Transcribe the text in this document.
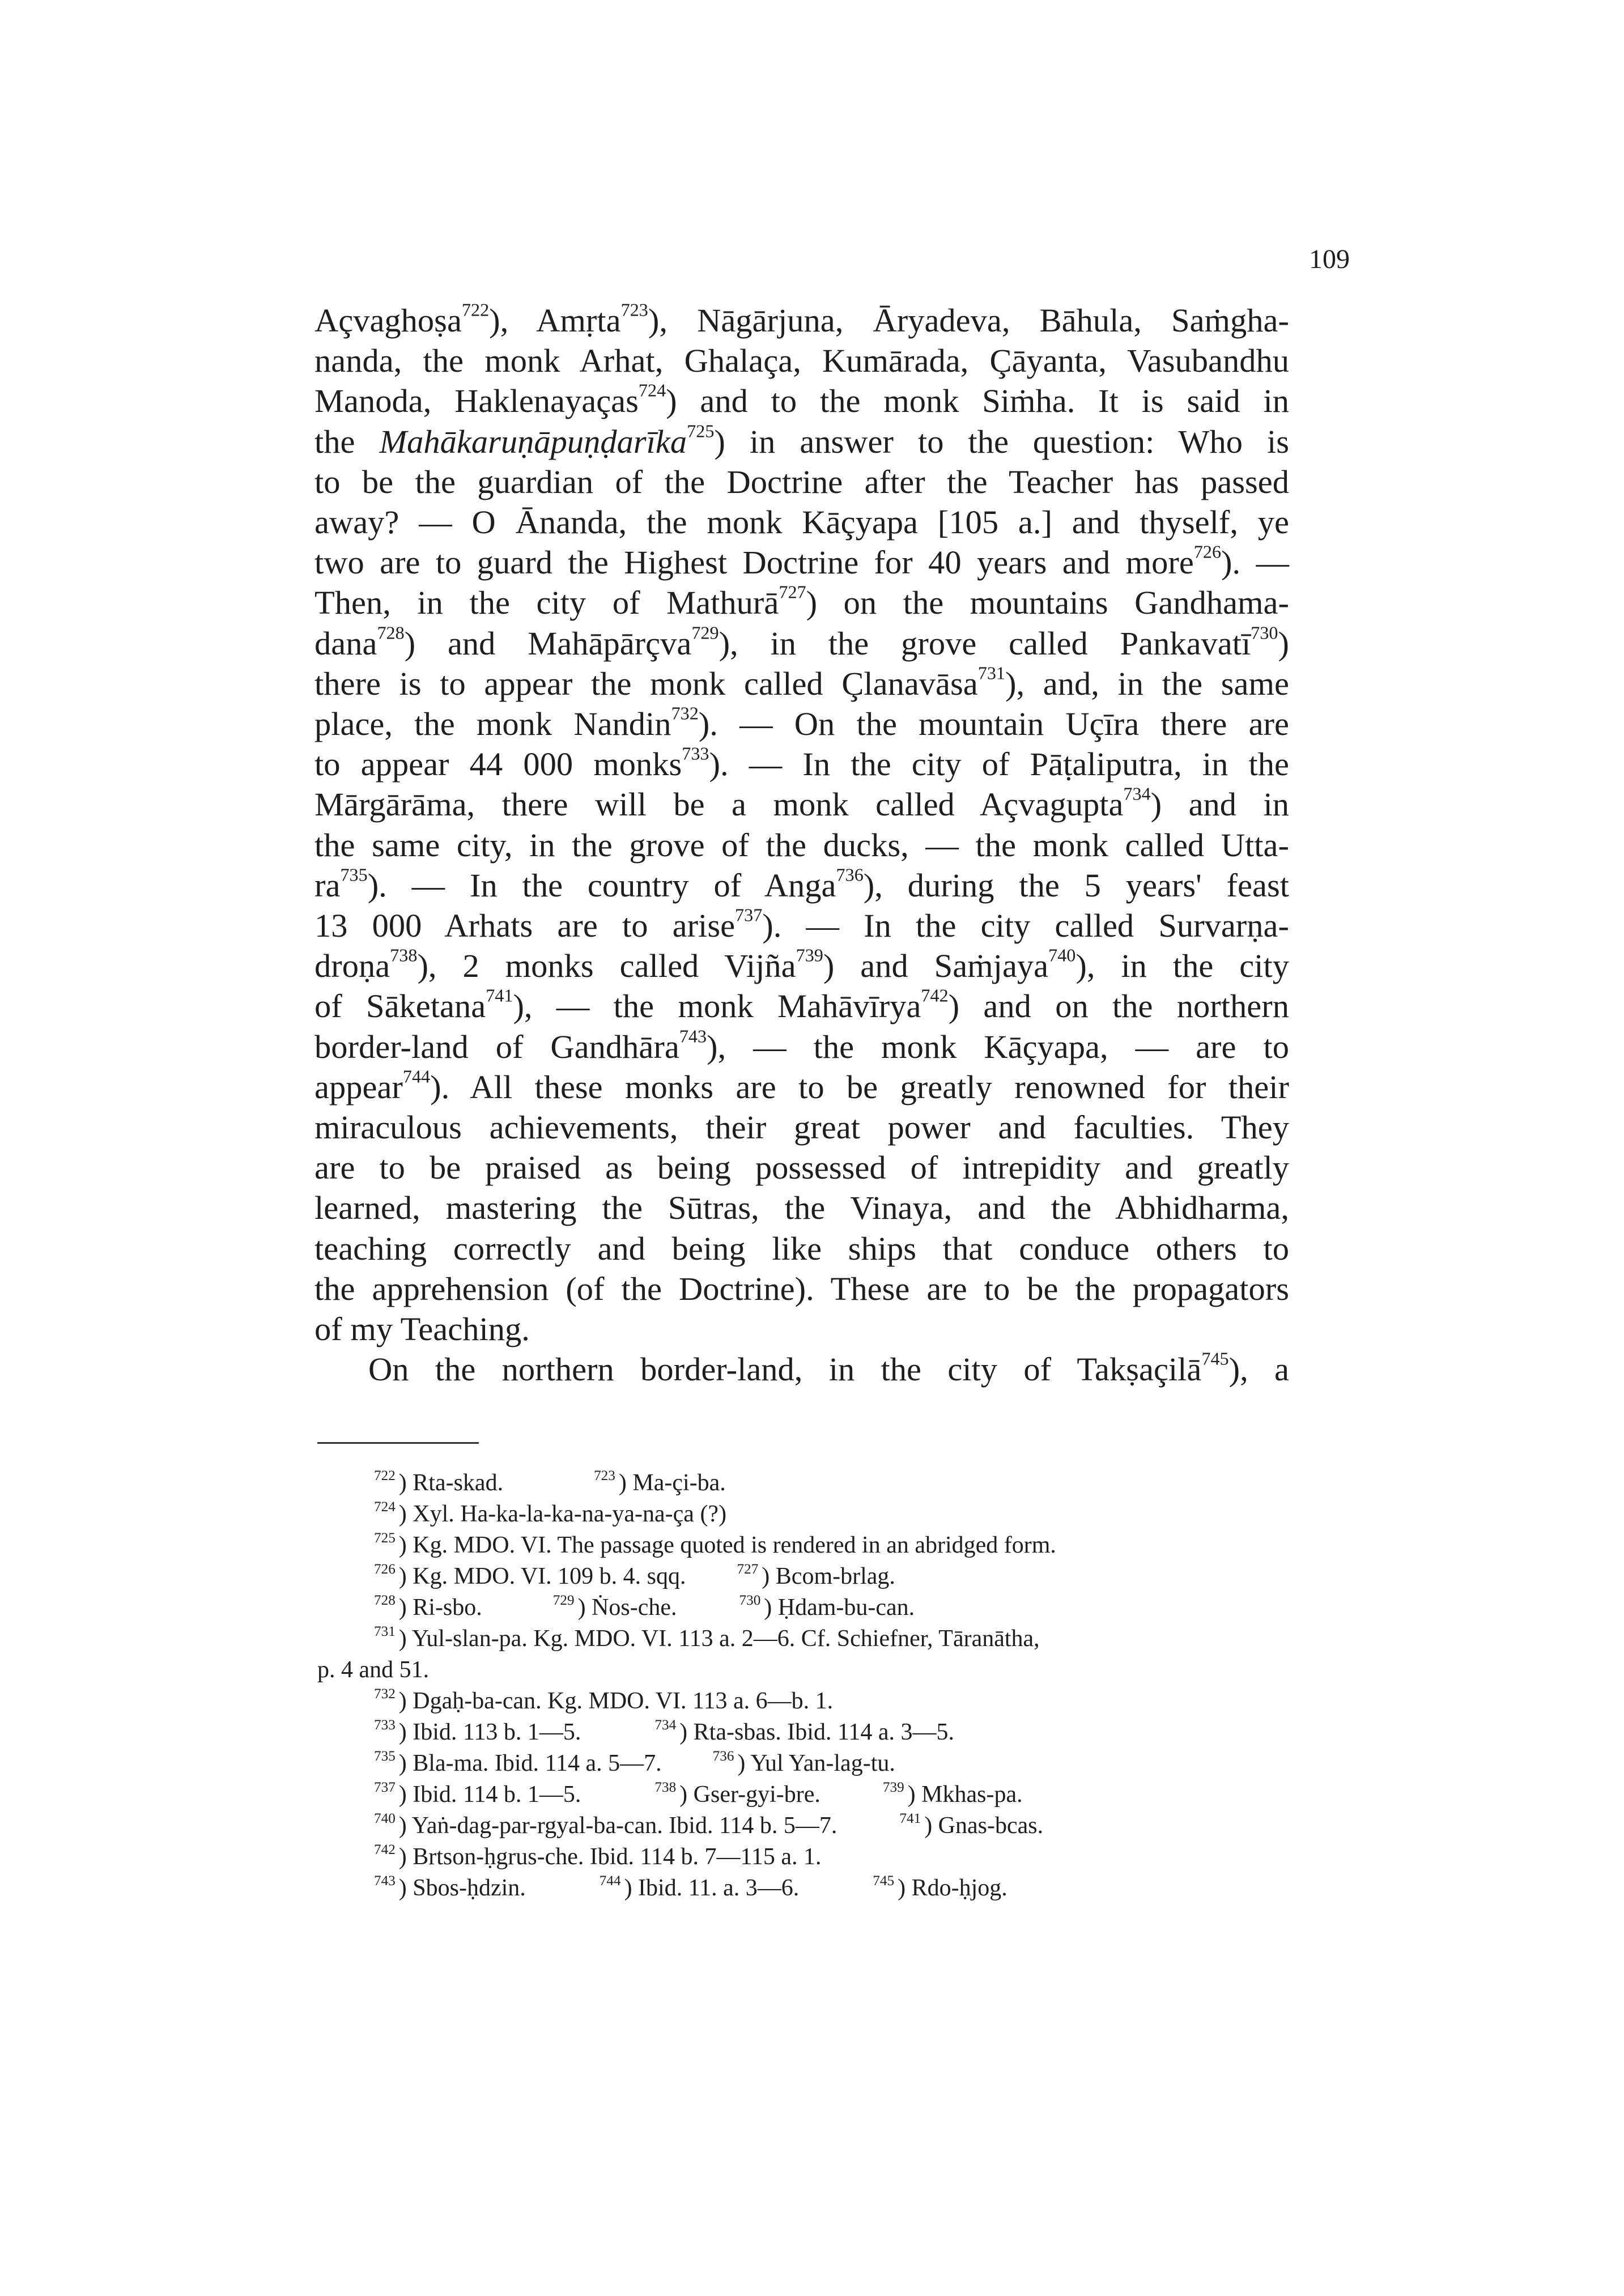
109
Açvaghoṣa$^{722}$), Amṛta$^{723}$), Nāgārjuna, Āryadeva, Bāhula, Saṁgha-
nanda, the monk Arhat, Ghalaça, Kumārada, Çāyanta, Vasubandhu
Manoda, Haklenayaças$^{724}$) and to the monk Siṁha. It is said in
the Mahākaruṇāpuṇḍarīka$^{725}$) in answer to the question: Who is
to be the guardian of the Doctrine after the Teacher has passed
away? — O Ānanda, the monk Kāçyapa [105 a.] and thyself, ye
two are to guard the Highest Doctrine for 40 years and more$^{726}$). —
Then, in the city of Mathurā$^{727}$) on the mountains Gandhama-
dana$^{728}$) and Mahāpārçva$^{729}$), in the grove called Pankavatī$^{730}$)
there is to appear the monk called Çlanavāsa$^{731}$), and, in the same
place, the monk Nandin$^{732}$). — On the mountain Uçīra there are
to appear 44 000 monks$^{733}$). — In the city of Pāṭaliputra, in the
Mārgārāma, there will be a monk called Açvagupta$^{734}$) and in
the same city, in the grove of the ducks, — the monk called Utta-
$ra^{735}$). — In the country of Anga$^{736}$), during the 5 years' feast
13 000 Arhats are to arise$^{737}$). — In the city called Survarṇa-
droṇa$^{738}$), 2 monks called Vijña$^{739}$) and Saṁjaya$^{740}$), in the city
of Sāketana$^{741}$), — the monk Mahāvīrya$^{742}$) and on the northern
border-land of Gandhāra$^{743}$), — the monk Kāçyapa, — are to
appear$^{744}$). All these monks are to be greatly renowned for their
miraculous achievements, their great power and faculties. They
are to be praised as being possessed of intrepidity and greatly
learned, mastering the Sūtras, the Vinaya, and the Abhidharma,
teaching correctly and being like ships that conduce others to
the apprehension (of the Doctrine). These are to be the propagators
of my Teaching.
On the northern border-land, in the city of Takṣaçilā$^{745}$), a
$^{722}$ ) Rta-skad.	$^{723}$ ) Ma-çi-ba.
$^{724}$ ) Xyl. Ha-ka-la-ka-na-ya-na-ça (?)
$^{725}$ ) Kg. MDO. VI. The passage quoted is rendered in an abridged form.
$^{726}$ ) Kg. MDO. VI. 109 b. 4. sqq.	$^{727}$ ) Bcom-brlag.
$^{728}$ ) Ri-sbo.	$^{729}$ ) Ṅos-che.	$^{730}$ ) Ḥdam-bu-can.
$^{731}$ ) Yul-slan-pa. Kg. MDO. VI. 113 a. 2—6. Cf. Schiefner, Tāranātha,
p. 4 and 51.
$^{732}$ ) Dgaḥ-ba-can. Kg. MDO. VI. 113 a. 6—b. 1.
$^{733}$ ) Ibid. 113 b. 1—5.	$^{734}$ ) Rta-sbas. Ibid. 114 a. 3—5.
$^{735}$ ) Bla-ma. Ibid. 114 a. 5—7.	$^{736}$ ) Yul Yan-lag-tu.
$^{737}$ ) Ibid. 114 b. 1—5.	$^{738}$ ) Gser-gyi-bre.	$^{739}$ ) Mkhas-pa.
$^{740}$ ) Yaṅ-dag-par-rgyal-ba-can. Ibid. 114 b. 5—7.	$^{741}$ ) Gnas-bcas.
$^{742}$ ) Brtson-ḥgrus-che. Ibid. 114 b. 7—115 a. 1.
$^{743}$ ) Sbos-ḥdzin.	$^{744}$ ) Ibid. 11. a. 3—6.	$^{745}$ ) Rdo-ḥjog.
